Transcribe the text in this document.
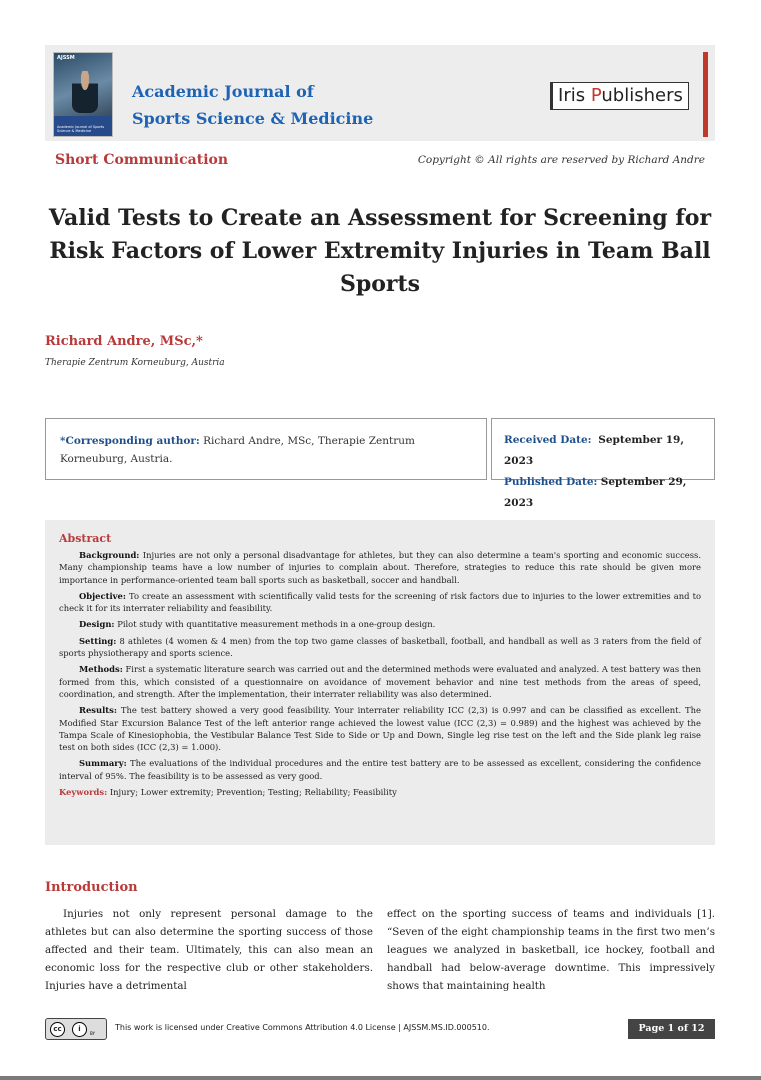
AJSSM
Academic Journal of Sports Science & Medicine
Academic Journal of
Sports Science & Medicine
Iris Publishers
Short Communication	Copyright © All rights are reserved by Richard Andre
Valid Tests to Create an Assessment for Screening for Risk Factors of Lower Extremity Injuries in Team Ball Sports
Richard Andre, MSc,*
Therapie Zentrum Korneuburg, Austria
*Corresponding author: Richard Andre, MSc, Therapie Zentrum Korneuburg, Austria.
Received Date: September 19, 2023
Published Date: September 29, 2023
Abstract

Background: Injuries are not only a personal disadvantage for athletes, but they can also determine a team's sporting and economic success. Many championship teams have a low number of injuries to complain about. Therefore, strategies to reduce this rate should be given more importance in performance-oriented team ball sports such as basketball, soccer and handball.

Objective: To create an assessment with scientifically valid tests for the screening of risk factors due to injuries to the lower extremities and to check it for its interrater reliability and feasibility.

Design: Pilot study with quantitative measurement methods in a one-group design.

Setting: 8 athletes (4 women & 4 men) from the top two game classes of basketball, football, and handball as well as 3 raters from the field of sports physiotherapy and sports science.

Methods: First a systematic literature search was carried out and the determined methods were evaluated and analyzed. A test battery was then formed from this, which consisted of a questionnaire on avoidance of movement behavior and nine test methods from the areas of speed, coordination, and strength. After the implementation, their interrater reliability was also determined.

Results: The test battery showed a very good feasibility. Your interrater reliability ICC (2,3) is 0.997 and can be classified as excellent. The Modified Star Excursion Balance Test of the left anterior range achieved the lowest value (ICC (2,3) = 0.989) and the highest was achieved by the Tampa Scale of Kinesiophobia, the Vestibular Balance Test Side to Side or Up and Down, Single leg rise test on the left and the Side plank leg raise test on both sides (ICC (2,3) = 1.000).

Summary: The evaluations of the individual procedures and the entire test battery are to be assessed as excellent, considering the confidence interval of 95%. The feasibility is to be assessed as very good.

Keywords: Injury; Lower extremity; Prevention; Testing; Reliability; Feasibility

Introduction
Injuries not only represent personal damage to the athletes but can also determine the sporting success of those affected and their team. Ultimately, this can also mean an economic loss for the respective club or other stakeholders. Injuries have a detrimental
effect on the sporting success of teams and individuals [1]. “Seven of the eight championship teams in the first two men’s leagues we analyzed in basketball, ice hockey, football and handball had below-average downtime. This impressively shows that maintaining health
cc	i
BY
This work is licensed under Creative Commons Attribution 4.0 License | AJSSM.MS.ID.000510.	Page 1 of 12
